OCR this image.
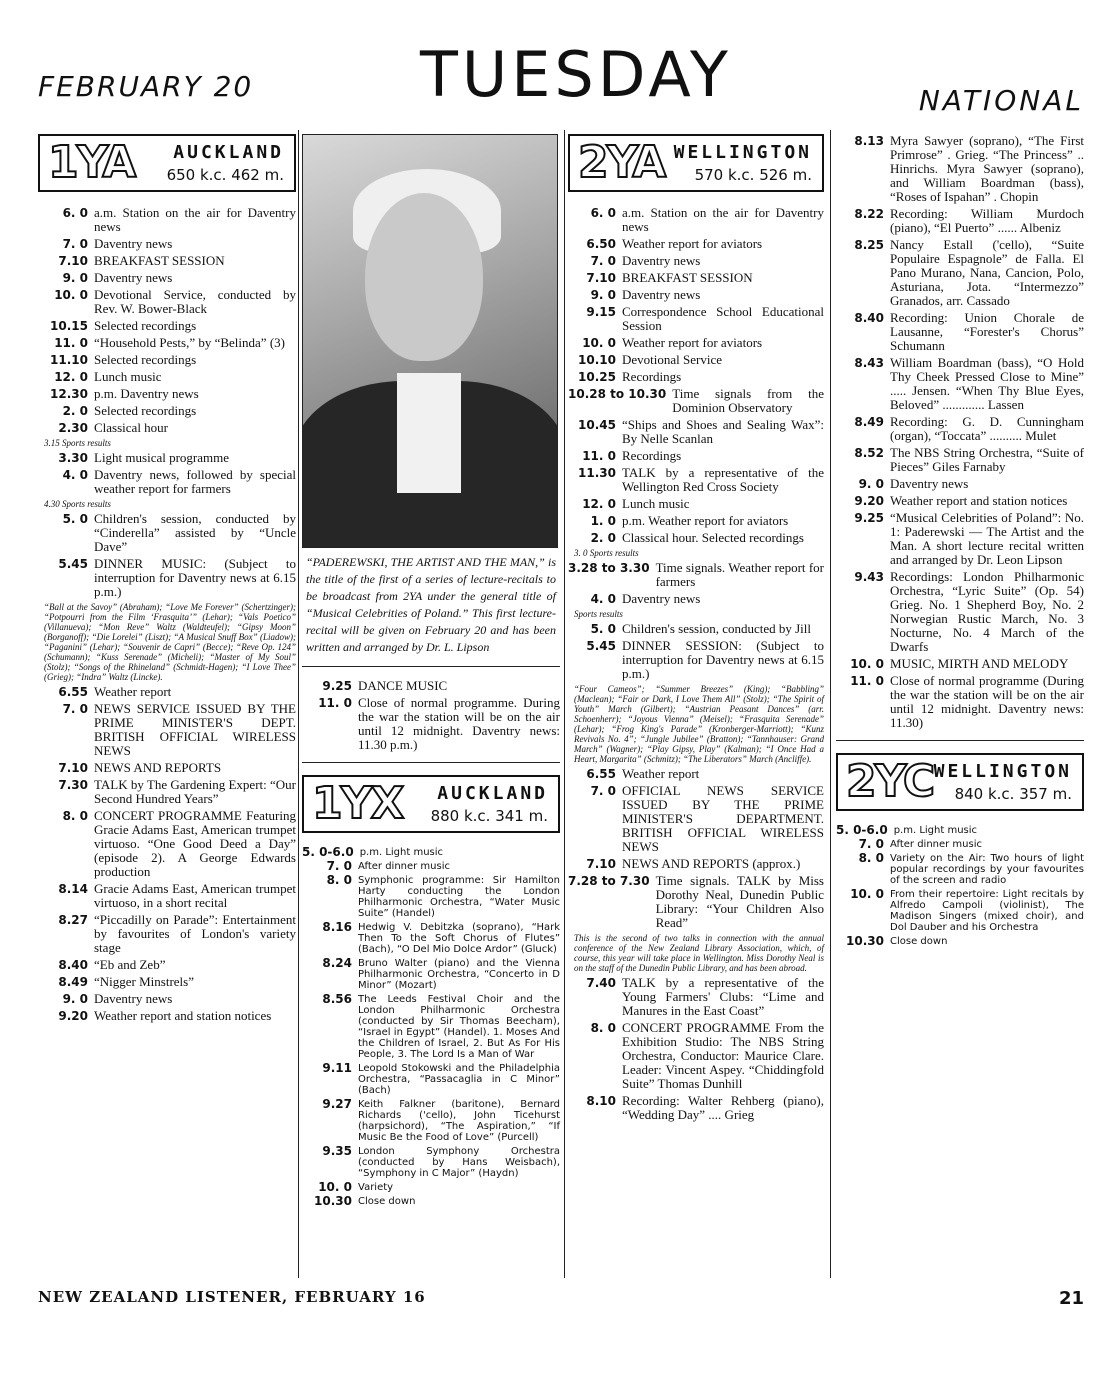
FEBRUARY 20	TUESDAY	NATIONAL
1YA AUCKLAND
650 k.c. 462 m.
6. 0 a.m. Station on the air for Daventry news
7. 0 Daventry news
7.10 BREAKFAST SESSION
9. 0 Daventry news
10. 0 Devotional Service, conducted by Rev. W. Bower-Black
10.15 Selected recordings
11. 0 “Household Pests,” by “Belinda” (3)
11.10 Selected recordings
12. 0 Lunch music
12.30 p.m. Daventry news
2. 0 Selected recordings
2.30 Classical hour
3.15 Sports results
3.30 Light musical programme
4. 0 Daventry news, followed by special weather report for farmers
4.30 Sports results
5. 0 Children's session, conducted by “Cinderella” assisted by “Uncle Dave”
5.45 DINNER MUSIC: (Subject to interruption for Daventry news at 6.15 p.m.)
“Ball at the Savoy” (Abraham); “Love Me Forever” (Schertzinger); “Potpourri from the Film ‘Frasquita’” (Lehar); “Vals Poetico” (Villanueva); “Mon Reve” Waltz (Waldteufel); “Gipsy Moon” (Borganoff); “Die Lorelei” (Liszt); “A Musical Snuff Box” (Liadow); “Paganini” (Lehar); “Souvenir de Capri” (Becce); “Reve Op. 124” (Schumann); “Kuss Serenade” (Micheli); “Master of My Soul” (Stolz); “Songs of the Rhineland” (Schmidt-Hagen); “I Love Thee” (Grieg); “Indra” Waltz (Lincke).
6.55 Weather report
7. 0 NEWS SERVICE ISSUED BY THE PRIME MINISTER'S DEPT. BRITISH OFFICIAL WIRELESS NEWS
7.10 NEWS AND REPORTS
7.30 TALK by The Gardening Expert: “Our Second Hundred Years”
8. 0 CONCERT PROGRAMME Featuring Gracie Adams East, American trumpet virtuoso. “One Good Deed a Day” (episode 2). A George Edwards production
8.14 Gracie Adams East, American trumpet virtuoso, in a short recital
8.27 “Piccadilly on Parade”: Entertainment by favourites of London's variety stage
8.40 “Eb and Zeb”
8.49 “Nigger Minstrels”
9. 0 Daventry news
9.20 Weather report and station notices
“PADEREWSKI, THE ARTIST AND THE MAN,” is the title of the first of a series of lecture-recitals to be broadcast from 2YA under the general title of “Musical Celebrities of Poland.” This first lecture-recital will be given on February 20 and has been written and arranged by Dr. L. Lipson
9.25 DANCE MUSIC
11. 0 Close of normal programme. During the war the station will be on the air until 12 midnight. Daventry news: 11.30 p.m.)
1YX AUCKLAND
880 k.c. 341 m.
5. 0-6.0 p.m. Light music
7. 0 After dinner music
8. 0 Symphonic programme: Sir Hamilton Harty conducting the London Philharmonic Orchestra, “Water Music Suite” (Handel)
8.16 Hedwig V. Debitzka (soprano), “Hark Then To the Soft Chorus of Flutes” (Bach), “O Del Mio Dolce Ardor” (Gluck)
8.24 Bruno Walter (piano) and the Vienna Philharmonic Orchestra, “Concerto in D Minor” (Mozart)
8.56 The Leeds Festival Choir and the London Philharmonic Orchestra (conducted by Sir Thomas Beecham), “Israel in Egypt” (Handel). 1. Moses And the Children of Israel, 2. But As For His People, 3. The Lord Is a Man of War
9.11 Leopold Stokowski and the Philadelphia Orchestra, “Passacaglia in C Minor” (Bach)
9.27 Keith Falkner (baritone), Bernard Richards ('cello), John Ticehurst (harpsichord), “The Aspiration,” “If Music Be the Food of Love” (Purcell)
9.35 London Symphony Orchestra (conducted by Hans Weisbach), “Symphony in C Major” (Haydn)
10. 0 Variety
10.30 Close down
2YA WELLINGTON
570 k.c. 526 m.
6. 0 a.m. Station on the air for Daventry news
6.50 Weather report for aviators
7. 0 Daventry news
7.10 BREAKFAST SESSION
9. 0 Daventry news
9.15 Correspondence School Educational Session
10. 0 Weather report for aviators
10.10 Devotional Service
10.25 Recordings
10.28 to 10.30 Time signals from the Dominion Observatory
10.45 “Ships and Shoes and Sealing Wax”: By Nelle Scanlan
11. 0 Recordings
11.30 TALK by a representative of the Wellington Red Cross Society
12. 0 Lunch music
1. 0 p.m. Weather report for aviators
2. 0 Classical hour. Selected recordings
3. 0 Sports results
3.28 to 3.30 Time signals. Weather report for farmers
4. 0 Daventry news
Sports results
5. 0 Children's session, conducted by Jill
5.45 DINNER SESSION: (Subject to interruption for Daventry news at 6.15 p.m.)
“Four Cameos”; “Summer Breezes” (King); “Babbling” (Maclean); “Fair or Dark, I Love Them All” (Stolz); “The Spirit of Youth” March (Gilbert); “Austrian Peasant Dances” (arr. Schoenherr); “Joyous Vienna” (Meisel); “Frasquita Serenade” (Lehar); “Frog King's Parade” (Kronberger-Marriott); “Kunz Revivals No. 4”; “Jungle Jubilee” (Bratton); “Tannhauser: Grand March” (Wagner); “Play Gipsy, Play” (Kalman); “I Once Had a Heart, Margarita” (Schmitz); “The Liberators” March (Ancliffe).
6.55 Weather report
7. 0 OFFICIAL NEWS SERVICE ISSUED BY THE PRIME MINISTER'S DEPARTMENT. BRITISH OFFICIAL WIRELESS NEWS
7.10 NEWS AND REPORTS (approx.)
7.28 to 7.30 Time signals. TALK by Miss Dorothy Neal, Dunedin Public Library: “Your Children Also Read”
This is the second of two talks in connection with the annual conference of the New Zealand Library Association, which, of course, this year will take place in Wellington. Miss Dorothy Neal is on the staff of the Dunedin Public Library, and has been abroad.
7.40 TALK by a representative of the Young Farmers' Clubs: “Lime and Manures in the East Coast”
8. 0 CONCERT PROGRAMME From the Exhibition Studio: The NBS String Orchestra, Conductor: Maurice Clare. Leader: Vincent Aspey. “Chiddingfold Suite” Thomas Dunhill
8.10 Recording: Walter Rehberg (piano), “Wedding Day” .... Grieg
8.13 Myra Sawyer (soprano), “The First Primrose” . Grieg. “The Princess” .. Hinrichs. Myra Sawyer (soprano), and William Boardman (bass), “Roses of Ispahan” . Chopin
8.22 Recording: William Murdoch (piano), “El Puerto” ...... Albeniz
8.25 Nancy Estall ('cello), “Suite Populaire Espagnole” de Falla. El Pano Murano, Nana, Cancion, Polo, Asturiana, Jota. “Intermezzo” Granados, arr. Cassado
8.40 Recording: Union Chorale de Lausanne, “Forester's Chorus” Schumann
8.43 William Boardman (bass), “O Hold Thy Cheek Pressed Close to Mine” ..... Jensen. “When Thy Blue Eyes, Beloved” ............. Lassen
8.49 Recording: G. D. Cunningham (organ), “Toccata” .......... Mulet
8.52 The NBS String Orchestra, “Suite of Pieces” Giles Farnaby
9. 0 Daventry news
9.20 Weather report and station notices
9.25 “Musical Celebrities of Poland”: No. 1: Paderewski — The Artist and the Man. A short lecture recital written and arranged by Dr. Leon Lipson
9.43 Recordings: London Philharmonic Orchestra, “Lyric Suite” (Op. 54) Grieg. No. 1 Shepherd Boy, No. 2 Norwegian Rustic March, No. 3 Nocturne, No. 4 March of the Dwarfs
10. 0 MUSIC, MIRTH AND MELODY
11. 0 Close of normal programme (During the war the station will be on the air until 12 midnight. Daventry news: 11.30)
2YC WELLINGTON
840 k.c. 357 m.
5. 0-6.0 p.m. Light music
7. 0 After dinner music
8. 0 Variety on the Air: Two hours of light popular recordings by your favourites of the screen and radio
10. 0 From their repertoire: Light recitals by Alfredo Campoli (violinist), The Madison Singers (mixed choir), and Dol Dauber and his Orchestra
10.30 Close down
NEW ZEALAND LISTENER, FEBRUARY 16	21
